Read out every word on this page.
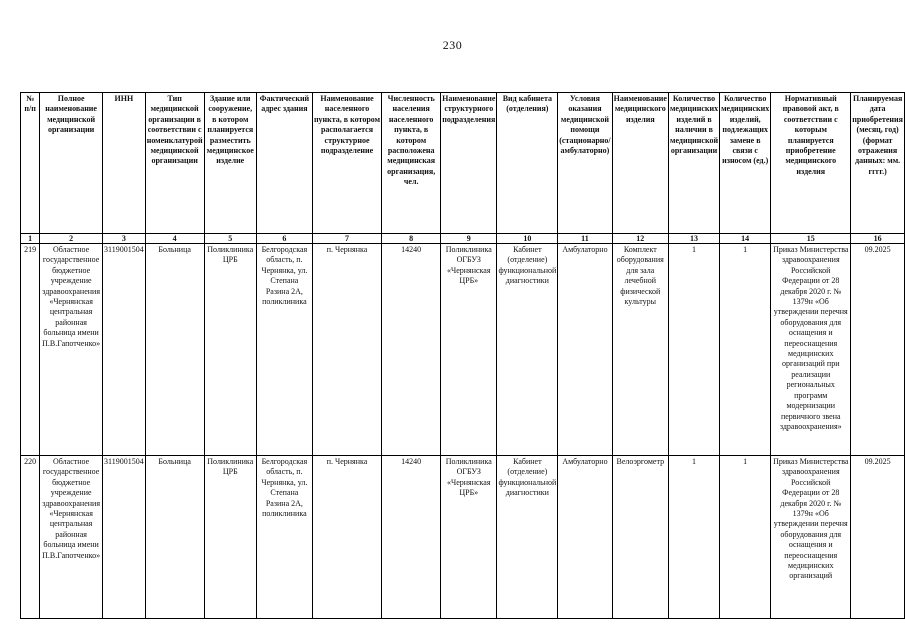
230
№ п/п	Полное наименование медицинской организации	ИНН	Тип медицинской организации в соответствии с номенклатурой медицинской организации	Здание или сооружение, в котором планируется разместить медицинское изделие	Фактический адрес здания	Наименование населенного пункта, в котором располагается структурное подразделение	Численность населения населенного пункта, в котором расположена медицинская организация, чел.	Наименование структурного подразделения	Вид кабинета (отделения)	Условия оказания медицинской помощи (стационарно/ амбулаторно)	Наименование медицинского изделия	Количество медицинских изделий в наличии в медицинской организации	Количество медицинских изделий, подлежащих замене в связи с износом (ед.)	Нормативный правовой акт, в соответствии с которым планируется приобретение медицинского изделия	Планируемая дата приобретения (месяц, год) (формат отражения данных: мм. гггг.)
1	2	3	4	5	6	7	8	9	10	11	12	13	14	15	16
219	Областное государственное бюджетное учреждение здравоохранения «Чернянская центральная районная больница имени П.В.Гапотченко»	3119001504	Больница	Поликлиника ЦРБ	Белгородская область, п. Чернянка, ул. Степана Разина 2А, поликлиника	п. Чернянка	14240	Поликлиника ОГБУЗ «Чернянская ЦРБ»	Кабинет (отделение) функциональной диагностики	Амбулаторно	Комплект оборудования для зала лечебной физической культуры	1	1	Приказ Министерства здравоохранения Российской Федерации от 28 декабря 2020 г. № 1379н «Об утверждении перечня оборудования для оснащения и переоснащения медицинских организаций при реализации региональных программ модернизации первичного звена здравоохранения»	09.2025
220	Областное государственное бюджетное учреждение здравоохранения «Чернянская центральная районная больница имени П.В.Гапотченко»	3119001504	Больница	Поликлиника ЦРБ	Белгородская область, п. Чернянка, ул. Степана Разина 2А, поликлиника	п. Чернянка	14240	Поликлиника ОГБУЗ «Чернянская ЦРБ»	Кабинет (отделение) функциональной диагностики	Амбулаторно	Велоэргометр	1	1	Приказ Министерства здравоохранения Российской Федерации от 28 декабря 2020 г. № 1379н «Об утверждении перечня оборудования для оснащения и переоснащения медицинских организаций	09.2025
